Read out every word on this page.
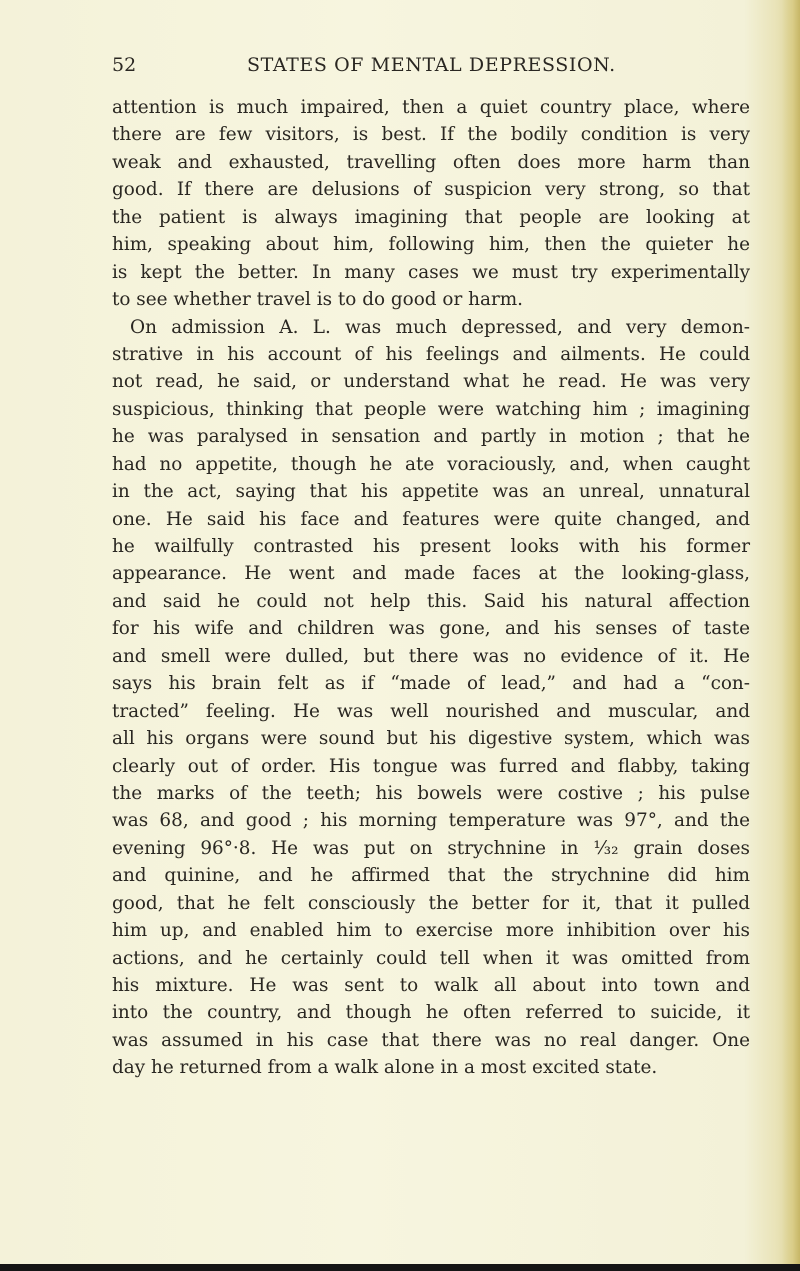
52	STATES OF MENTAL DEPRESSION.
attention is much impaired, then a quiet country place, where
there are few visitors, is best. If the bodily condition is very
weak and exhausted, travelling often does more harm than
good. If there are delusions of suspicion very strong, so that
the patient is always imagining that people are looking at
him, speaking about him, following him, then the quieter he
is kept the better. In many cases we must try experimentally
to see whether travel is to do good or harm.
On admission A. L. was much depressed, and very demon-
strative in his account of his feelings and ailments. He could
not read, he said, or understand what he read. He was very
suspicious, thinking that people were watching him ; imagining
he was paralysed in sensation and partly in motion ; that he
had no appetite, though he ate voraciously, and, when caught
in the act, saying that his appetite was an unreal, unnatural
one. He said his face and features were quite changed, and
he wailfully contrasted his present looks with his former
appearance. He went and made faces at the looking-glass,
and said he could not help this. Said his natural affection
for his wife and children was gone, and his senses of taste
and smell were dulled, but there was no evidence of it. He
says his brain felt as if “made of lead,” and had a “con-
tracted” feeling. He was well nourished and muscular, and
all his organs were sound but his digestive system, which was
clearly out of order. His tongue was furred and flabby, taking
the marks of the teeth; his bowels were costive ; his pulse
was 68, and good ; his morning temperature was 97°, and the
evening 96°·8. He was put on strychnine in ¹⁄₃₂ grain doses
and quinine, and he affirmed that the strychnine did him
good, that he felt consciously the better for it, that it pulled
him up, and enabled him to exercise more inhibition over his
actions, and he certainly could tell when it was omitted from
his mixture. He was sent to walk all about into town and
into the country, and though he often referred to suicide, it
was assumed in his case that there was no real danger. One
day he returned from a walk alone in a most excited state.
